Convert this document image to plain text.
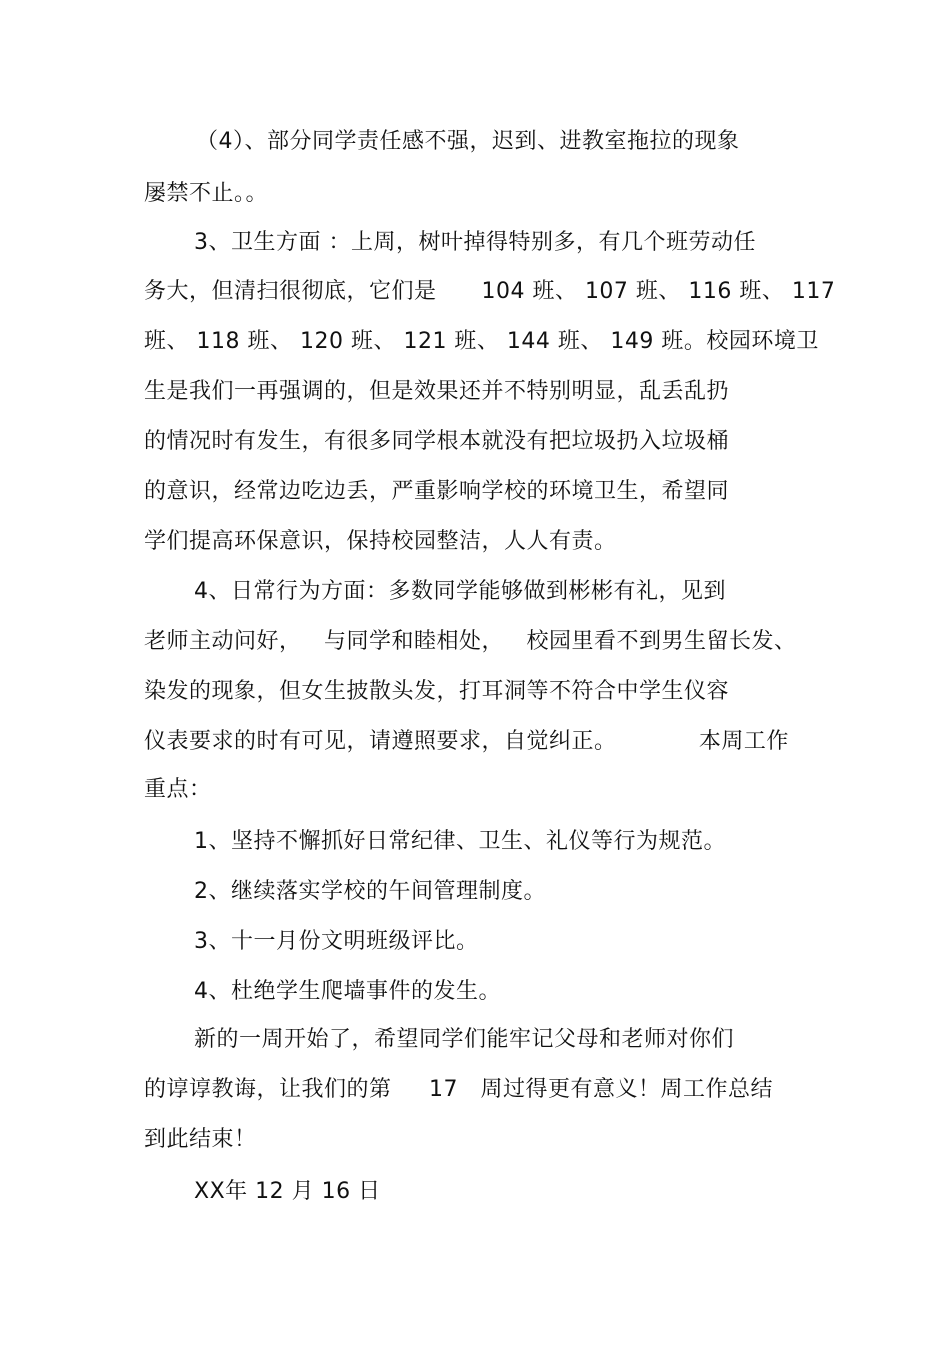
（4）、部分同学责任感不强，迟到、进教室拖拉的现象
屡禁不止。。
3、卫生方面 ：上周，树叶掉得特别多，有几个班劳动任
务大，但清扫很彻底，它们是      104 班、 107 班、 116 班、 117
班、 118 班、 120 班、 121 班、 144 班、 149 班。校园环境卫
生是我们一再强调的，但是效果还并不特别明显，乱丢乱扔
的情况时有发生，有很多同学根本就没有把垃圾扔入垃圾桶
的意识，经常边吃边丢，严重影响学校的环境卫生，希望同
学们提高环保意识，保持校园整洁，人人有责。
4、日常行为方面：多数同学能够做到彬彬有礼，见到
老师主动问好，   与同学和睦相处，   校园里看不到男生留长发、
染发的现象，但女生披散头发，打耳洞等不符合中学生仪容
仪表要求的时有可见，请遵照要求，自觉纠正。           本周工作
重点：
1、坚持不懈抓好日常纪律、卫生、礼仪等行为规范。
2、继续落实学校的午间管理制度。
3、十一月份文明班级评比。
4、杜绝学生爬墙事件的发生。
新的一周开始了，希望同学们能牢记父母和老师对你们
的谆谆教诲，让我们的第     17   周过得更有意义！周工作总结
到此结束！
XX年 12 月 16 日
